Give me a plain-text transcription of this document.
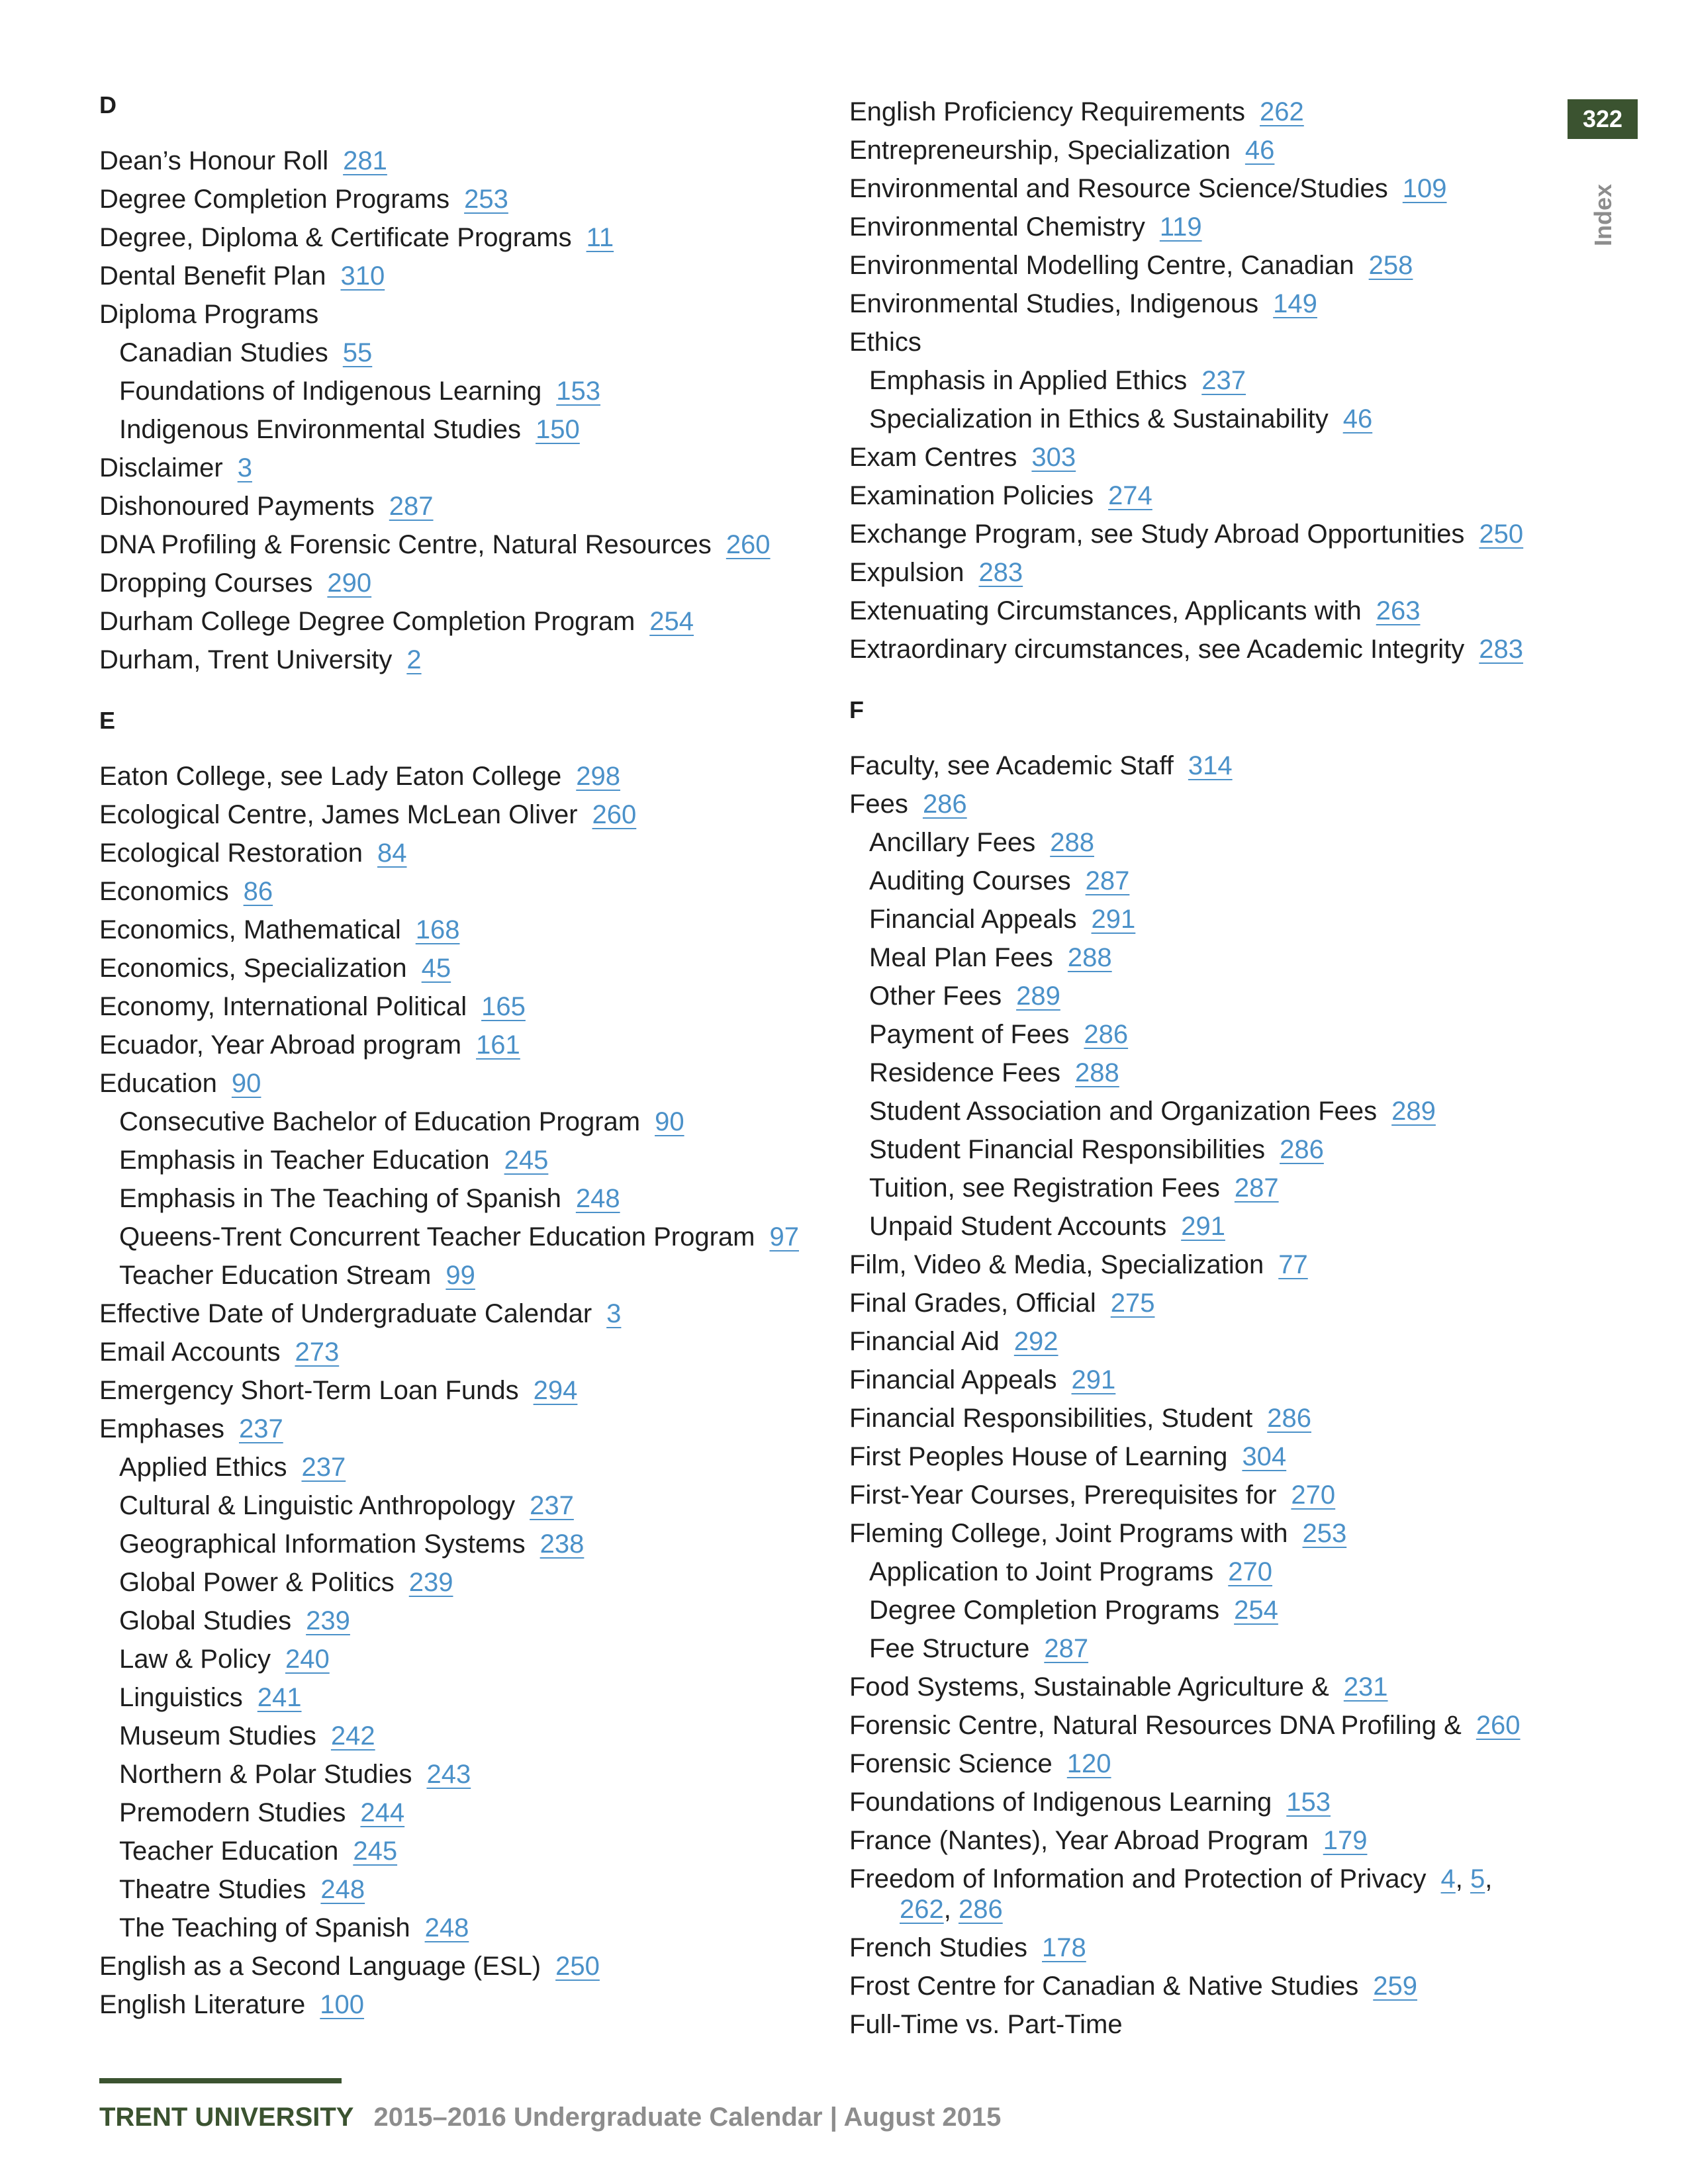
D
Dean’s Honour Roll 281
Degree Completion Programs 253
Degree, Diploma & Certificate Programs 11
Dental Benefit Plan 310
Diploma Programs
Canadian Studies 55
Foundations of Indigenous Learning 153
Indigenous Environmental Studies 150
Disclaimer 3
Dishonoured Payments 287
DNA Profiling & Forensic Centre, Natural Resources 260
Dropping Courses 290
Durham College Degree Completion Program 254
Durham, Trent University 2
E
Eaton College, see Lady Eaton College 298
Ecological Centre, James McLean Oliver 260
Ecological Restoration 84
Economics 86
Economics, Mathematical 168
Economics, Specialization 45
Economy, International Political 165
Ecuador, Year Abroad program 161
Education 90
Consecutive Bachelor of Education Program 90
Emphasis in Teacher Education 245
Emphasis in The Teaching of Spanish 248
Queens-Trent Concurrent Teacher Education Program 97
Teacher Education Stream 99
Effective Date of Undergraduate Calendar 3
Email Accounts 273
Emergency Short-Term Loan Funds 294
Emphases 237
Applied Ethics 237
Cultural & Linguistic Anthropology 237
Geographical Information Systems 238
Global Power & Politics 239
Global Studies 239
Law & Policy 240
Linguistics 241
Museum Studies 242
Northern & Polar Studies 243
Premodern Studies 244
Teacher Education 245
Theatre Studies 248
The Teaching of Spanish 248
English as a Second Language (ESL) 250
English Literature 100
English Proficiency Requirements 262
Entrepreneurship, Specialization 46
Environmental and Resource Science/Studies 109
Environmental Chemistry 119
Environmental Modelling Centre, Canadian 258
Environmental Studies, Indigenous 149
Ethics
Emphasis in Applied Ethics 237
Specialization in Ethics & Sustainability 46
Exam Centres 303
Examination Policies 274
Exchange Program, see Study Abroad Opportunities 250
Expulsion 283
Extenuating Circumstances, Applicants with 263
Extraordinary circumstances, see Academic Integrity 283
F
Faculty, see Academic Staff 314
Fees 286
Ancillary Fees 288
Auditing Courses 287
Financial Appeals 291
Meal Plan Fees 288
Other Fees 289
Payment of Fees 286
Residence Fees 288
Student Association and Organization Fees 289
Student Financial Responsibilities 286
Tuition, see Registration Fees 287
Unpaid Student Accounts 291
Film, Video & Media, Specialization 77
Final Grades, Official 275
Financial Aid 292
Financial Appeals 291
Financial Responsibilities, Student 286
First Peoples House of Learning 304
First-Year Courses, Prerequisites for 270
Fleming College, Joint Programs with 253
Application to Joint Programs 270
Degree Completion Programs 254
Fee Structure 287
Food Systems, Sustainable Agriculture & 231
Forensic Centre, Natural Resources DNA Profiling & 260
Forensic Science 120
Foundations of Indigenous Learning 153
France (Nantes), Year Abroad Program 179
Freedom of Information and Protection of Privacy 4, 5,
262, 286
French Studies 178
Frost Centre for Canadian & Native Studies 259
Full-Time vs. Part-Time
322
Index
TRENT UNIVERSITY 2015–2016 Undergraduate Calendar | August 2015
